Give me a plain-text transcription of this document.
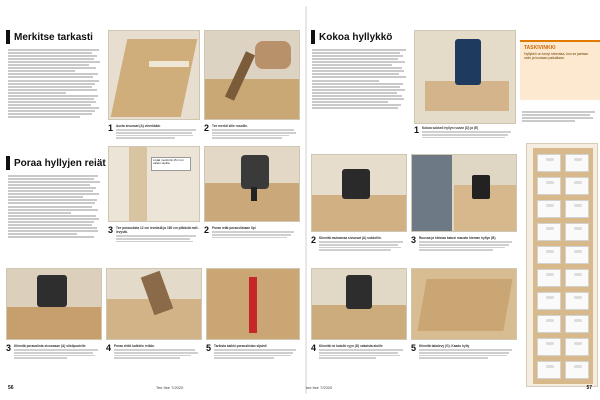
Merkitse tarkasti
1 Aseta sivuosat (A) vierekkäin	2 Tee merkit sille rosoille.
Poraa hyllyjen reiät	Lisää merkintä 15 cm:n välein tapilla
3 Tee porauslista 12 cm leveästä ja 180 cm pitkästä mdf-levystä.	2 Poraa reiät porauslistaan Ilpi
3 Kiinnitä porauslista sivuosaan (A) siistipuolelle	4 Poraa ehtiö kaikkiin reikiin.	5 Tarkista kaikki porauslistan sijainti
56	Tee Itse 7/2020
Kokoa hyllykkö
1 Kokoa sokkeli hyllyn ruuvin (D) ja (E)
TASKIVINKKI
Hyllykkö on kevyt rakentaa, kun se jaetaan osiin ja kootaan paikallaan.
2 Kiinnitä mukaansa sivuosat (A) sokkeliin.	3 Ruuvaa ja kiinnaa katosi mausta hieman hyllyn (B)
4 Kiinnitä ne katolle ryyn (D) vakaista aluille	5 Kiinnitä takalevy (G). Kaadu hylly
tee itse 7/2020	57
